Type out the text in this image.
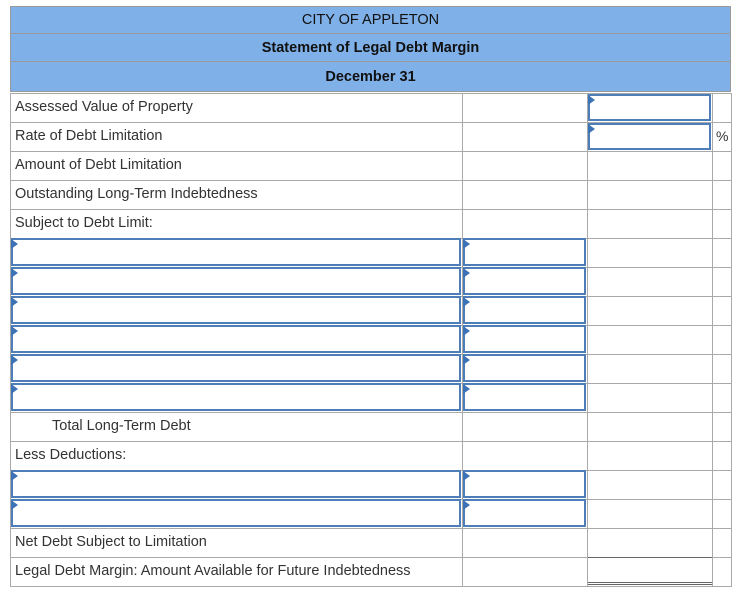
CITY OF APPLETON
Statement of Legal Debt Margin
December 31
Assessed Value of Property
Rate of Debt Limitation
Amount of Debt Limitation
Outstanding Long-Term Indebtedness
Subject to Debt Limit:
Total Long-Term Debt
Less Deductions:
Net Debt Subject to Limitation
Legal Debt Margin: Amount Available for Future Indebtedness
%
